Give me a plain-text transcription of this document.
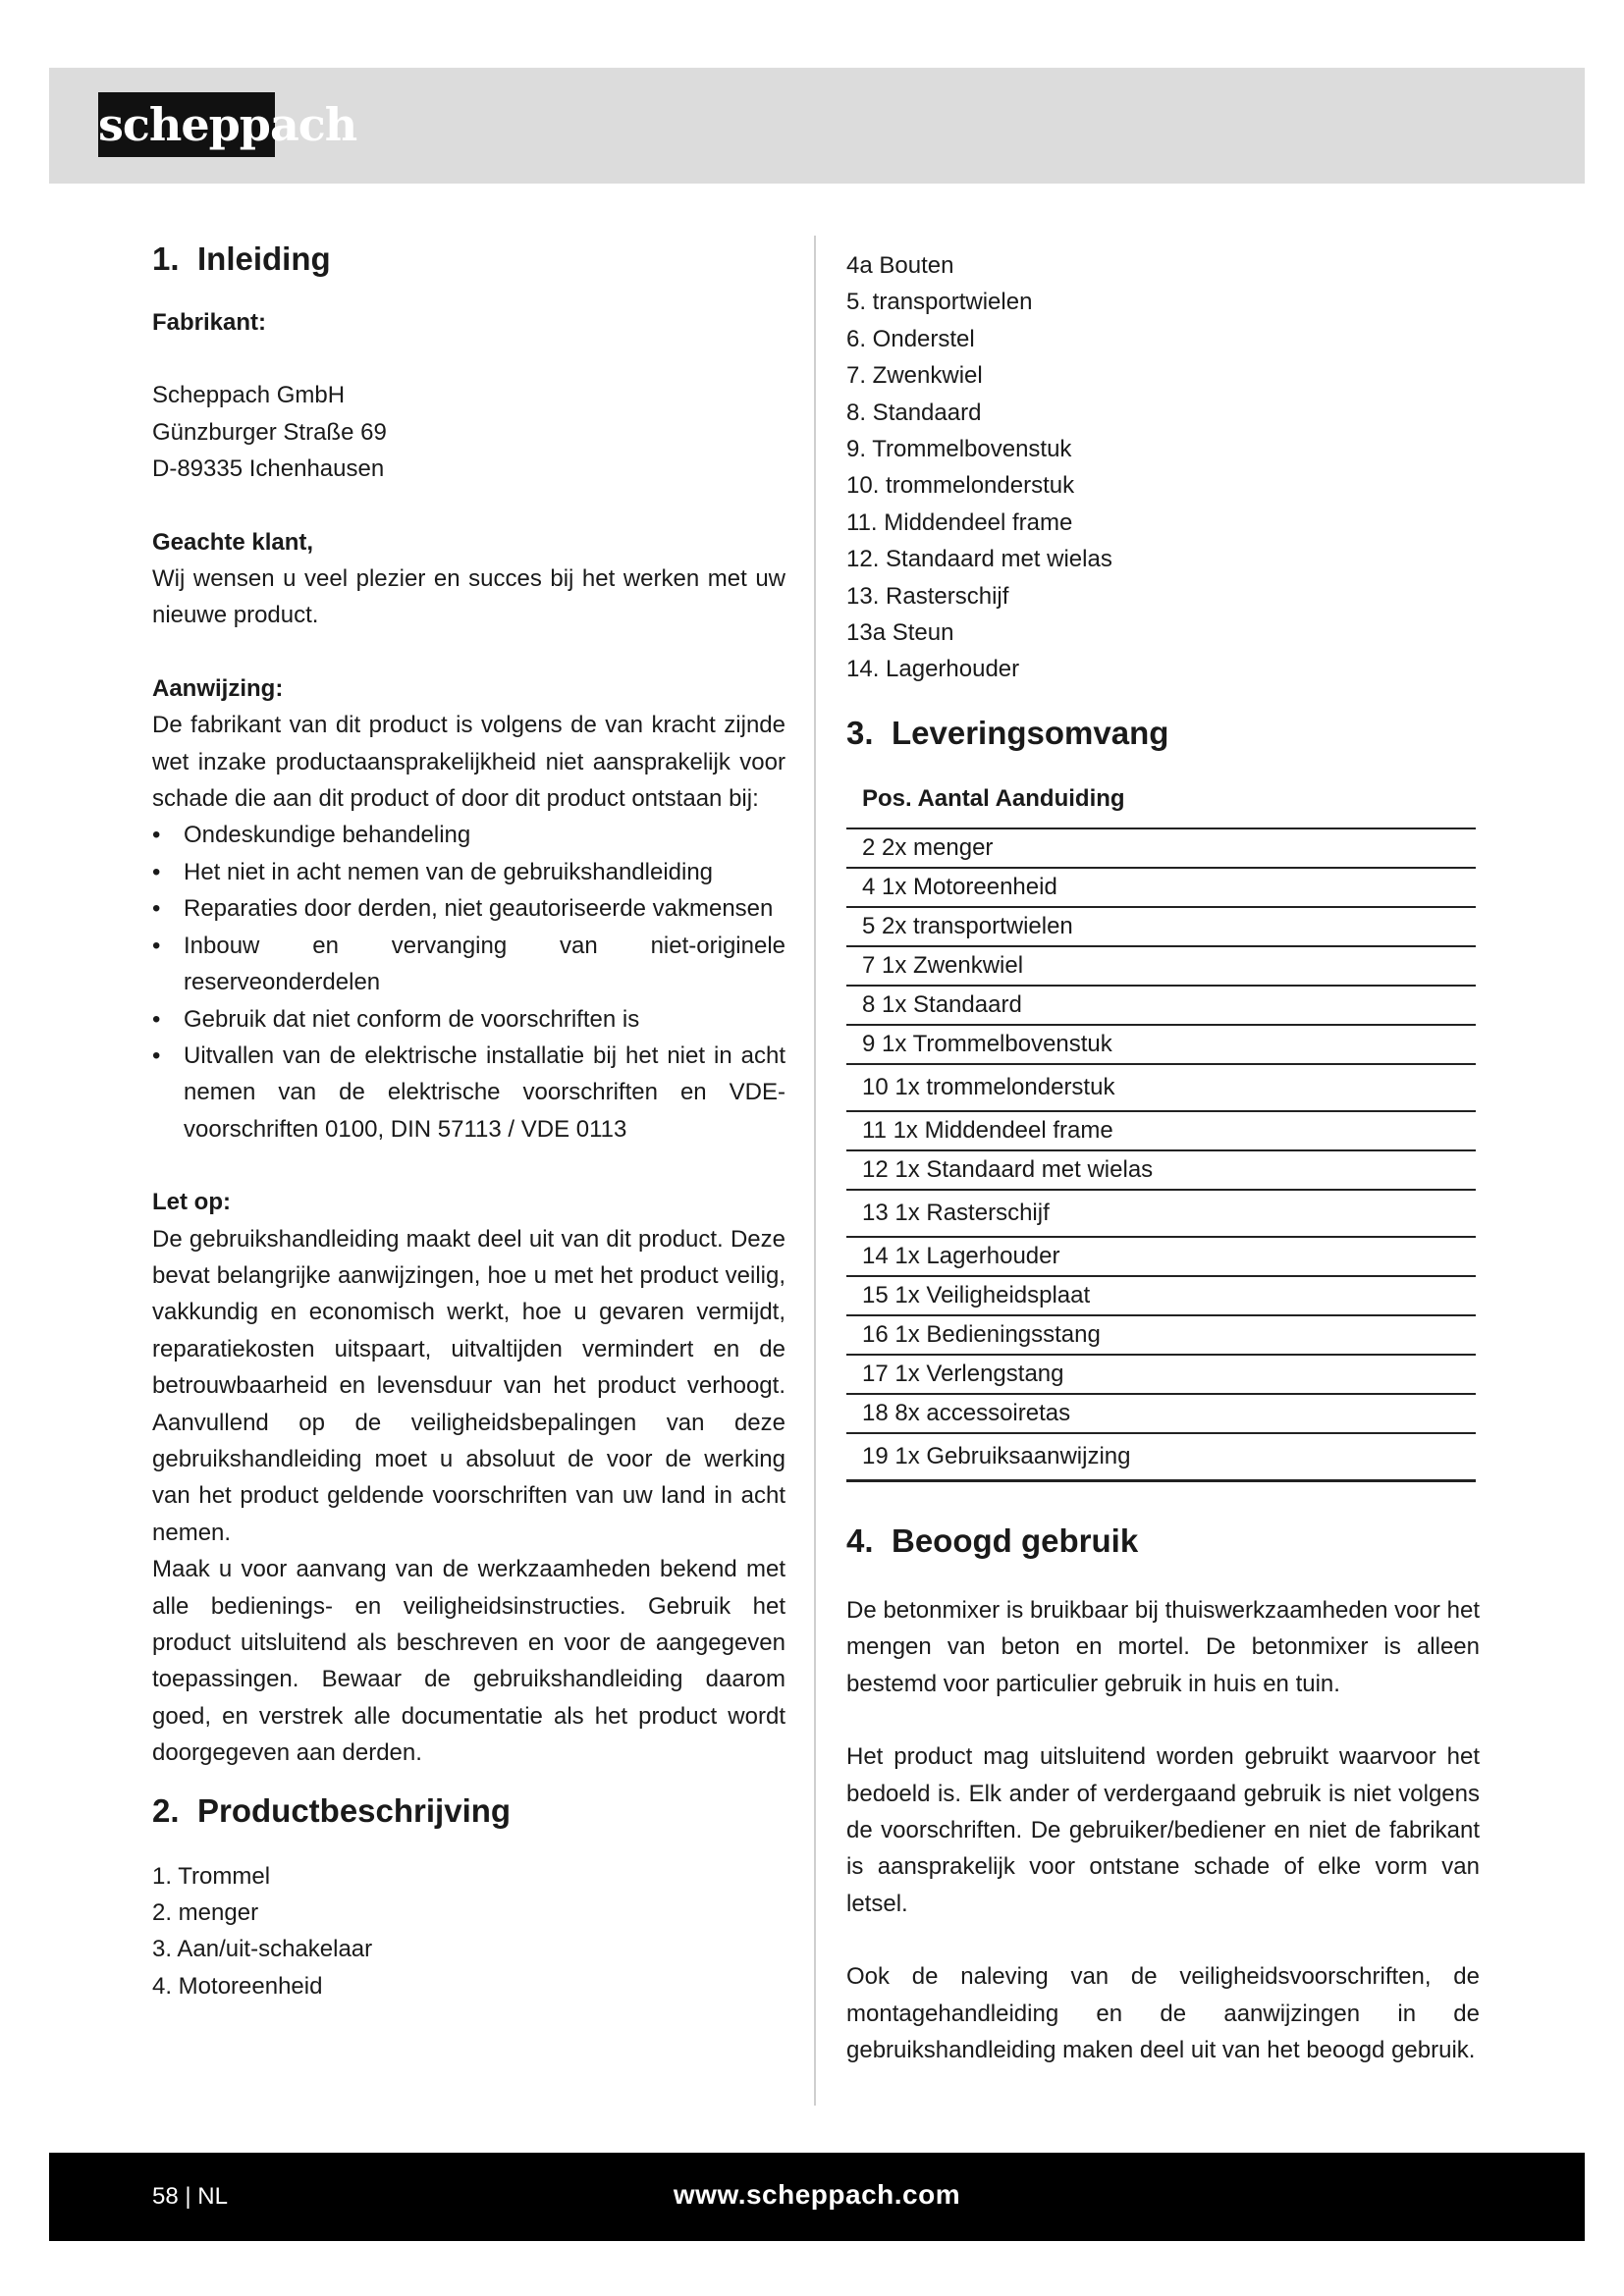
scheppach
1. Inleiding

Fabrikant:

Scheppach GmbH

Günzburger Straße 69

D-89335 Ichenhausen

Geachte klant,

Wij wensen u veel plezier en succes bij het werken met uw nieuwe product.

Aanwijzing:

De fabrikant van dit product is volgens de van kracht zijnde wet inzake productaansprakelijkheid niet aansprakelijk voor schade die aan dit product of door dit product ontstaan bij:

• Ondeskundige behandeling
• Het niet in acht nemen van de gebruikshandleiding
• Reparaties door derden, niet geautoriseerde vakmensen
• Inbouw en vervanging van niet-originele reserveonderdelen
• Gebruik dat niet conform de voorschriften is
• Uitvallen van de elektrische installatie bij het niet in acht nemen van de elektrische voorschriften en VDE-voorschriften 0100, DIN 57113 / VDE 0113

Let op:

De gebruikshandleiding maakt deel uit van dit product. Deze bevat belangrijke aanwijzingen, hoe u met het product veilig, vakkundig en economisch werkt, hoe u gevaren vermijdt, reparatiekosten uitspaart, uitvaltijden vermindert en de betrouwbaarheid en levensduur van het product verhoogt. Aanvullend op de veiligheidsbepalingen van deze gebruikshandleiding moet u absoluut de voor de werking van het product geldende voorschriften van uw land in acht nemen.

Maak u voor aanvang van de werkzaamheden bekend met alle bedienings- en veiligheidsinstructies. Gebruik het product uitsluitend als beschreven en voor de aangegeven toepassingen. Bewaar de gebruikshandleiding daarom goed, en verstrek alle documentatie als het product wordt doorgegeven aan derden.

2. Productbeschrijving
1. Trommel
2. menger
3. Aan/uit-schakelaar
4. Motoreenheid
4a Bouten
5. transportwielen
6. Onderstel
7. Zwenkwiel
8. Standaard
9. Trommelbovenstuk
10. trommelonderstuk
11. Middendeel frame
12. Standaard met wielas
13. Rasterschijf
13a Steun
14. Lagerhouder
3. Leveringsomvang
Pos. Aantal Aanduiding
2 2x menger
4 1x Motoreenheid
5 2x transportwielen
7 1x Zwenkwiel
8 1x Standaard
9 1x Trommelbovenstuk
10 1x trommelonderstuk
11 1x Middendeel frame
12 1x Standaard met wielas
13 1x Rasterschijf
14 1x Lagerhouder
15 1x Veiligheidsplaat
16 1x Bedieningsstang
17 1x Verlengstang
18 8x accessoiretas
19 1x Gebruiksaanwijzing
4. Beoogd gebruik

De betonmixer is bruikbaar bij thuiswerkzaamheden voor het mengen van beton en mortel. De betonmixer is alleen bestemd voor particulier gebruik in huis en tuin.

Het product mag uitsluitend worden gebruikt waarvoor het bedoeld is. Elk ander of verdergaand gebruik is niet volgens de voorschriften. De gebruiker/bediener en niet de fabrikant is aansprakelijk voor ontstane schade of elke vorm van letsel.

Ook de naleving van de veiligheidsvoorschriften, de montagehandleiding en de aanwijzingen in de gebruikshandleiding maken deel uit van het beoogd gebruik.

58 | NL	www.scheppach.com
